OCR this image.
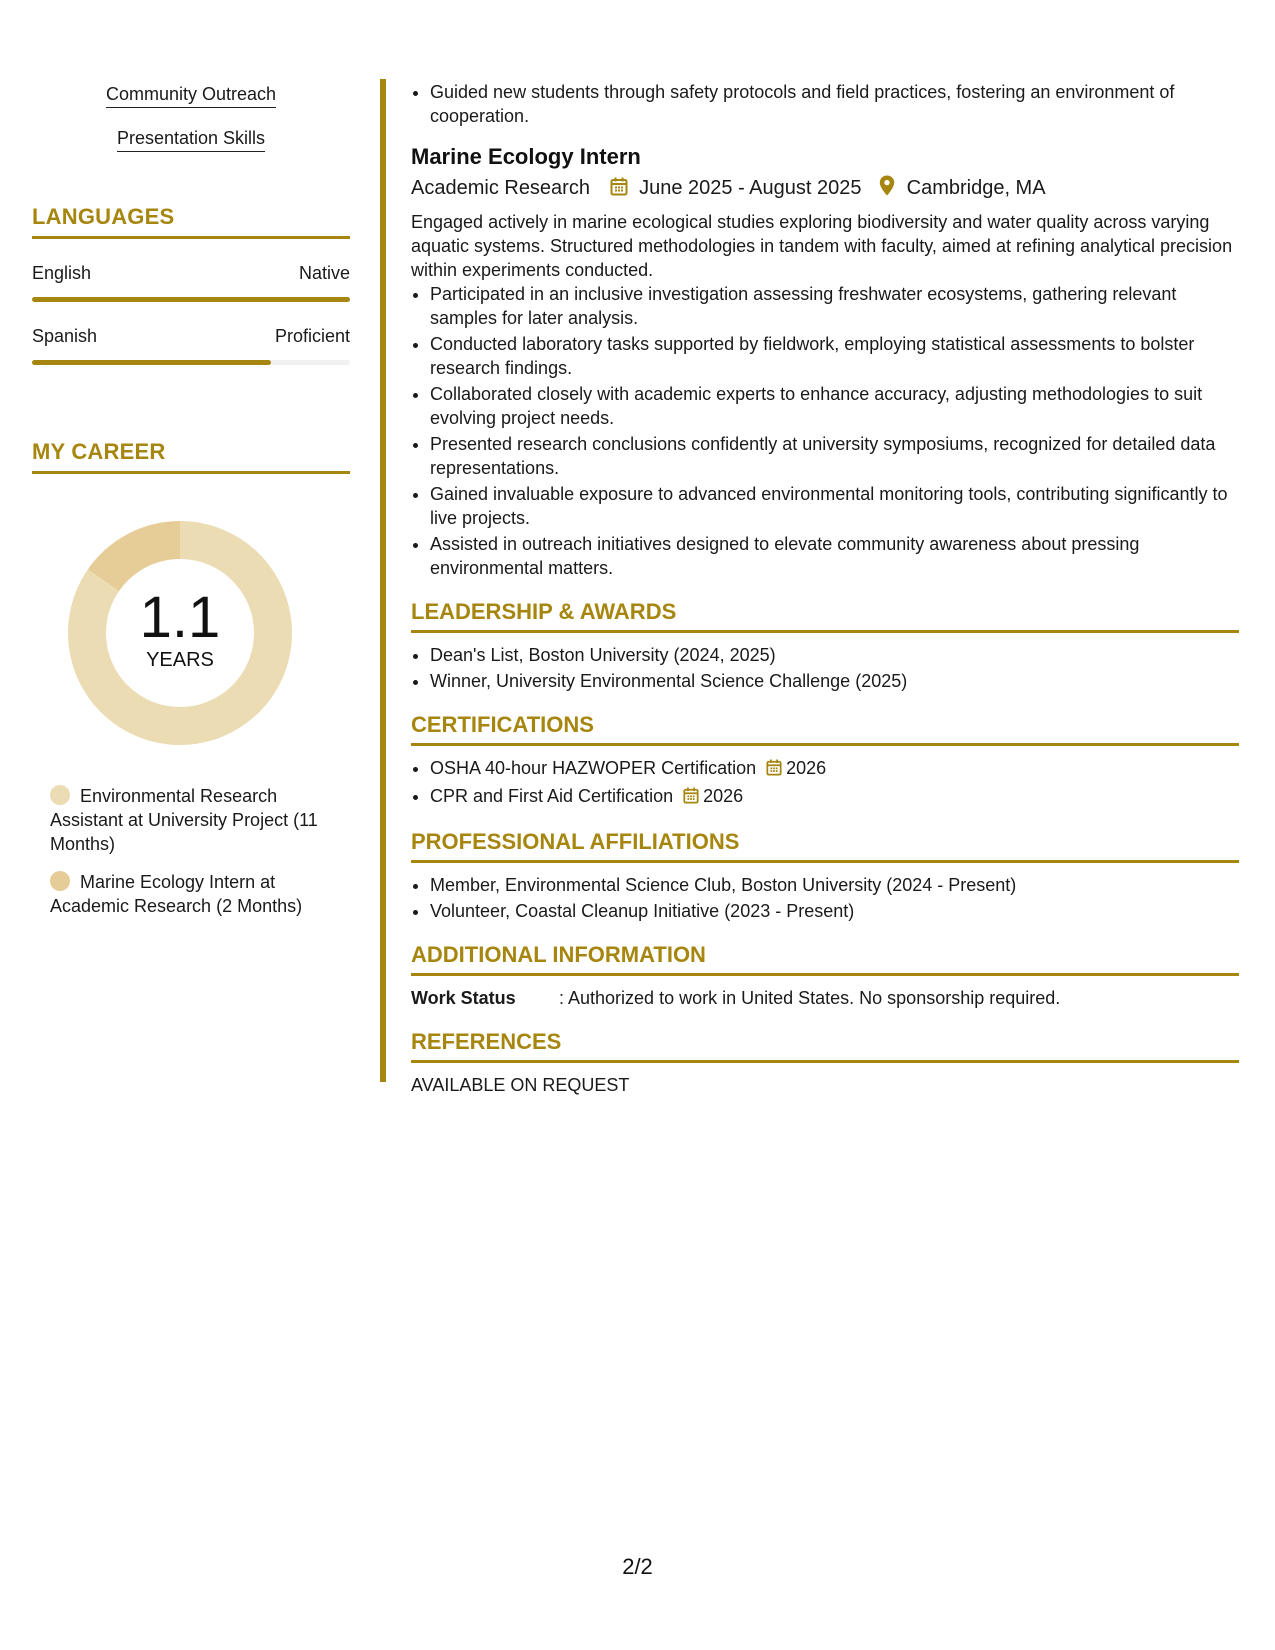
Community Outreach
Presentation Skills
LANGUAGES
English	Native
Spanish	Proficient
MY CAREER
1.1
YEARS
Environmental Research Assistant at University Project (11 Months)
Marine Ecology Intern at Academic Research (2 Months)
• Guided new students through safety protocols and field practices, fostering an environment of cooperation.
Marine Ecology Intern
Academic Research June 2025 - August 2025 Cambridge, MA
Engaged actively in marine ecological studies exploring biodiversity and water quality across varying aquatic systems. Structured methodologies in tandem with faculty, aimed at refining analytical precision within experiments conducted.
• Participated in an inclusive investigation assessing freshwater ecosystems, gathering relevant samples for later analysis.
• Conducted laboratory tasks supported by fieldwork, employing statistical assessments to bolster research findings.
• Collaborated closely with academic experts to enhance accuracy, adjusting methodologies to suit evolving project needs.
• Presented research conclusions confidently at university symposiums, recognized for detailed data representations.
• Gained invaluable exposure to advanced environmental monitoring tools, contributing significantly to live projects.
• Assisted in outreach initiatives designed to elevate community awareness about pressing environmental matters.
LEADERSHIP & AWARDS
• Dean's List, Boston University (2024, 2025)
• Winner, University Environmental Science Challenge (2025)
CERTIFICATIONS
• OSHA 40-hour HAZWOPER Certification 2026
• CPR and First Aid Certification 2026
PROFESSIONAL AFFILIATIONS
• Member, Environmental Science Club, Boston University (2024 - Present)
• Volunteer, Coastal Cleanup Initiative (2023 - Present)
ADDITIONAL INFORMATION
Work Status : Authorized to work in United States. No sponsorship required.
REFERENCES
AVAILABLE ON REQUEST
2/2
